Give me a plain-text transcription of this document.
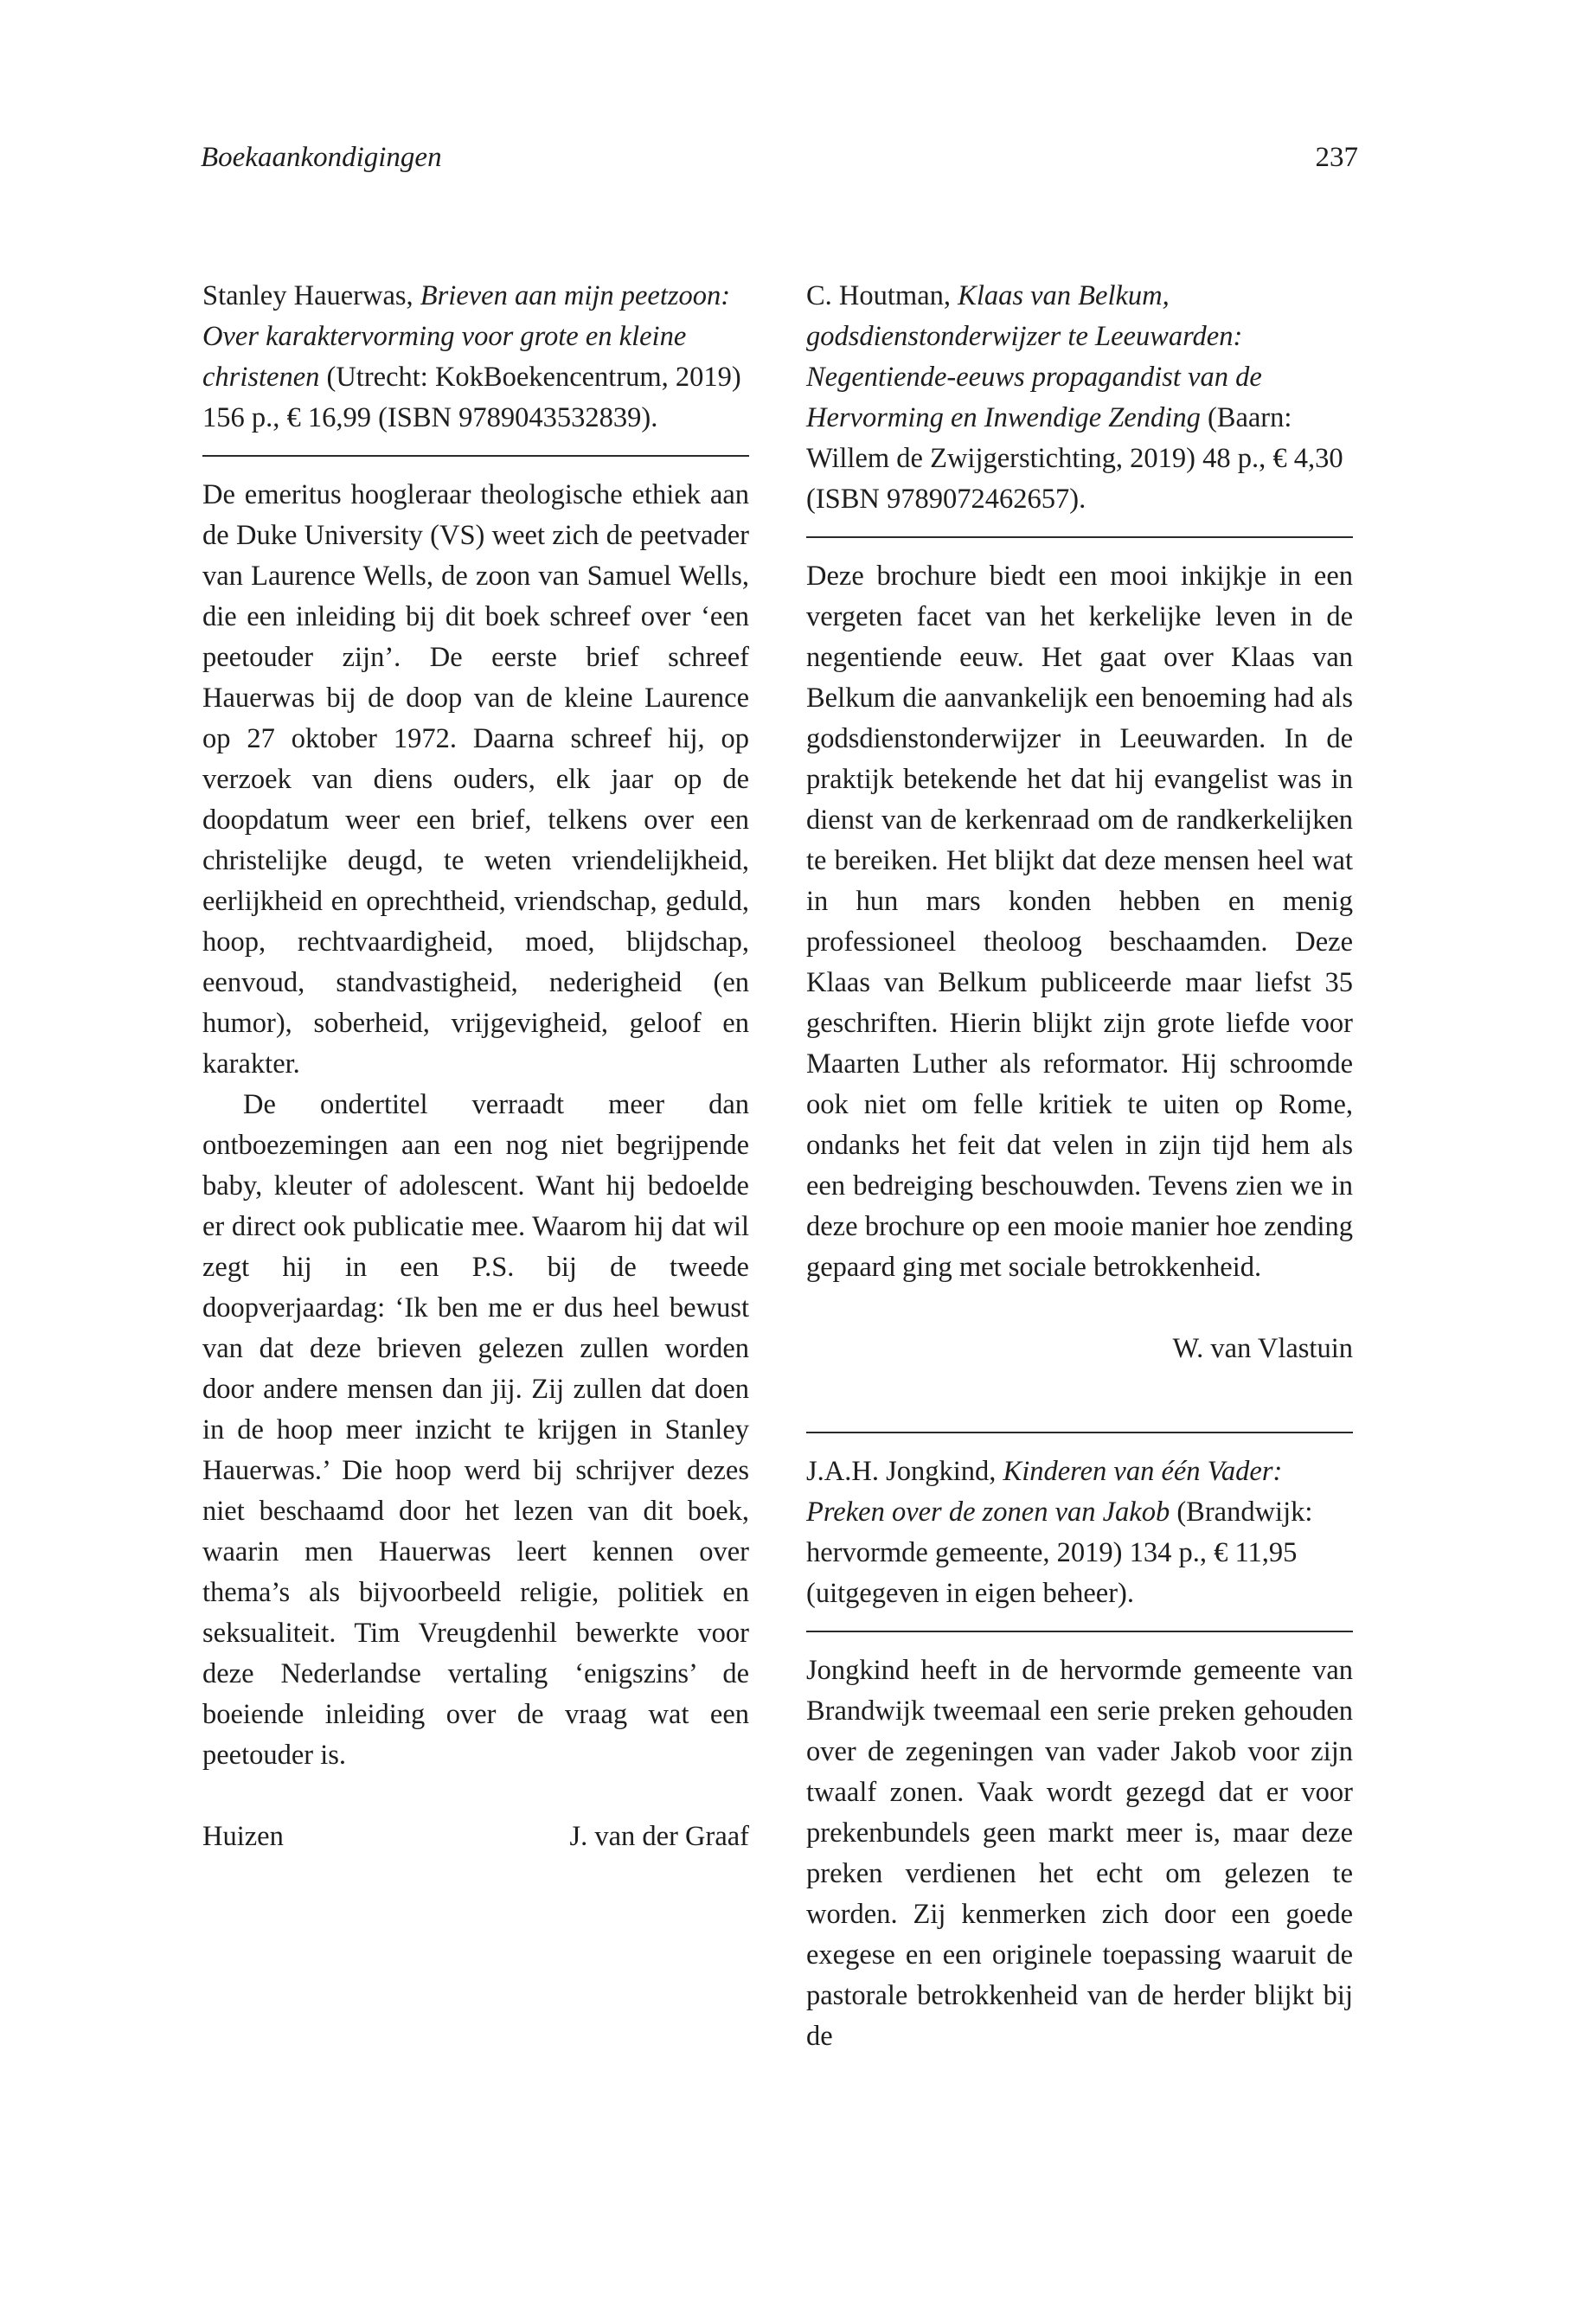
Boekaankondigingen	237

Stanley Hauerwas, Brieven aan mijn peetzoon: Over karaktervorming voor grote en kleine christenen (Utrecht: KokBoekencentrum, 2019) 156 p., € 16,99 (ISBN 9789043532839).

De emeritus hoogleraar theologische ethiek aan de Duke University (VS) weet zich de peetvader van Laurence Wells, de zoon van Samuel Wells, die een inleiding bij dit boek schreef over ‘een peetouder zijn’. De eerste brief schreef Hauerwas bij de doop van de kleine Laurence op 27 oktober 1972. Daarna schreef hij, op verzoek van diens ouders, elk jaar op de doopdatum weer een brief, telkens over een christelijke deugd, te weten vriendelijkheid, eerlijkheid en oprechtheid, vriendschap, geduld, hoop, rechtvaardigheid, moed, blijdschap, eenvoud, standvastigheid, nederigheid (en humor), soberheid, vrijgevigheid, geloof en karakter.

De ondertitel verraadt meer dan ontboezemingen aan een nog niet begrijpende baby, kleuter of adolescent. Want hij bedoelde er direct ook publicatie mee. Waarom hij dat wil zegt hij in een P.S. bij de tweede doopverjaardag: ‘Ik ben me er dus heel bewust van dat deze brieven gelezen zullen worden door andere mensen dan jij. Zij zullen dat doen in de hoop meer inzicht te krijgen in Stanley Hauerwas.’ Die hoop werd bij schrijver dezes niet beschaamd door het lezen van dit boek, waarin men Hauerwas leert kennen over thema’s als bijvoorbeeld religie, politiek en seksualiteit. Tim Vreugdenhil bewerkte voor deze Nederlandse vertaling ‘enigszins’ de boeiende inleiding over de vraag wat een peetouder is.

Huizen	J. van der Graaf

C. Houtman, Klaas van Belkum, godsdienstonderwijzer te Leeuwarden: Negentiende-eeuws propagandist van de Hervorming en Inwendige Zending (Baarn: Willem de Zwijgerstichting, 2019) 48 p., € 4,30 (ISBN 9789072462657).

Deze brochure biedt een mooi inkijkje in een vergeten facet van het kerkelijke leven in de negentiende eeuw. Het gaat over Klaas van Belkum die aanvankelijk een benoeming had als godsdienstonderwijzer in Leeuwarden. In de praktijk betekende het dat hij evangelist was in dienst van de kerkenraad om de randkerkelijken te bereiken. Het blijkt dat deze mensen heel wat in hun mars konden hebben en menig professioneel theoloog beschaamden. Deze Klaas van Belkum publiceerde maar liefst 35 geschriften. Hierin blijkt zijn grote liefde voor Maarten Luther als reformator. Hij schroomde ook niet om felle kritiek te uiten op Rome, ondanks het feit dat velen in zijn tijd hem als een bedreiging beschouwden. Tevens zien we in deze brochure op een mooie manier hoe zending gepaard ging met sociale betrokkenheid.

W. van Vlastuin

J.A.H. Jongkind, Kinderen van één Vader: Preken over de zonen van Jakob (Brandwijk: hervormde gemeente, 2019) 134 p., € 11,95 (uitgegeven in eigen beheer).

Jongkind heeft in de hervormde gemeente van Brandwijk tweemaal een serie preken gehouden over de zegeningen van vader Jakob voor zijn twaalf zonen. Vaak wordt gezegd dat er voor prekenbundels geen markt meer is, maar deze preken verdienen het echt om gelezen te worden. Zij kenmerken zich door een goede exegese en een originele toepassing waaruit de pastorale betrokkenheid van de herder blijkt bij de
